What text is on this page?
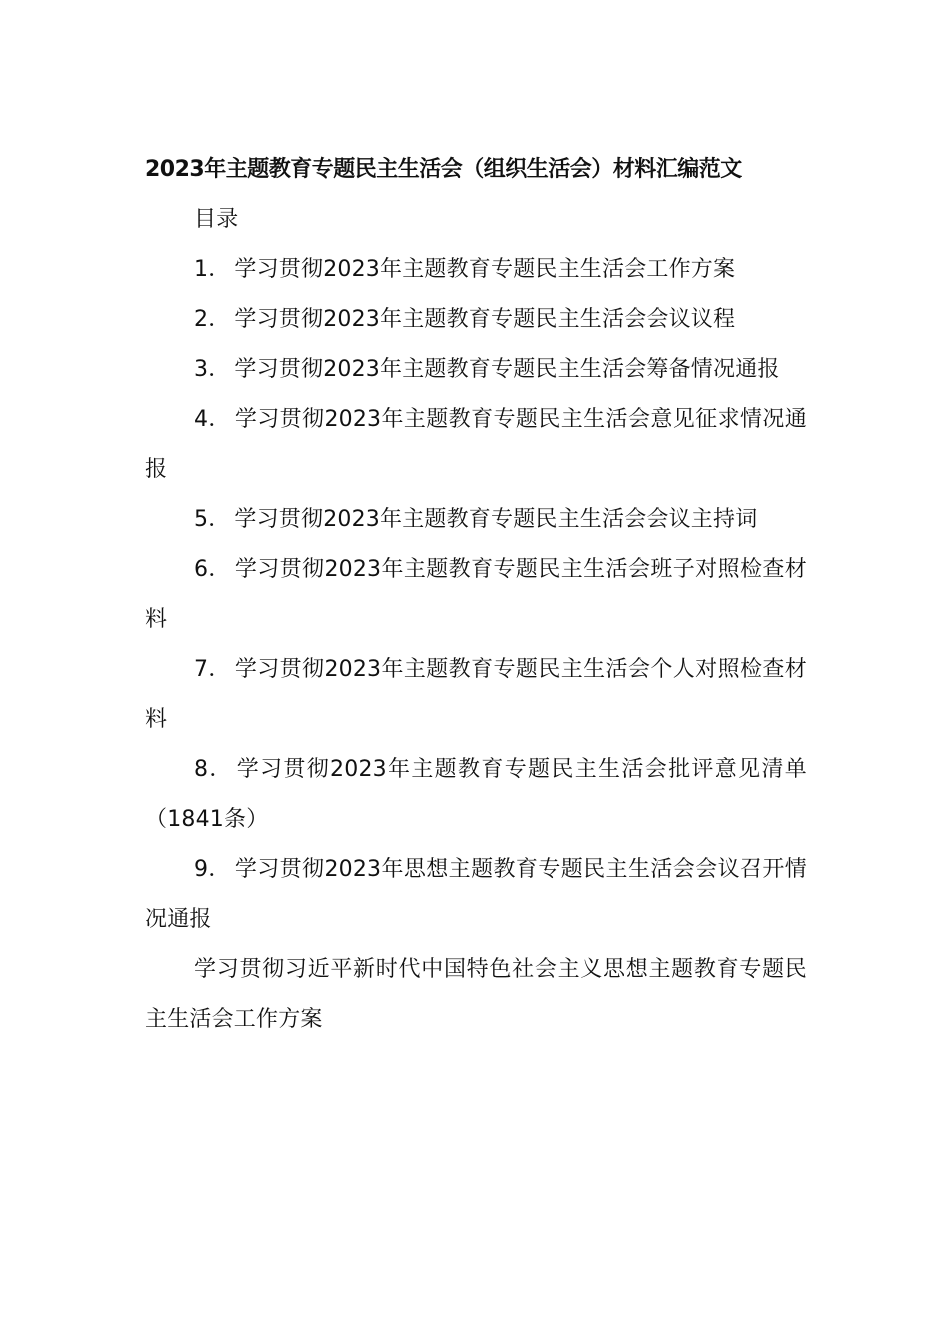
2023年主题教育专题民主生活会（组织生活会）材料汇编范文

目录

1． 学习贯彻2023年主题教育专题民主生活会工作方案

2． 学习贯彻2023年主题教育专题民主生活会会议议程

3． 学习贯彻2023年主题教育专题民主生活会筹备情况通报

4． 学习贯彻2023年主题教育专题民主生活会意见征求情况通报

5． 学习贯彻2023年主题教育专题民主生活会会议主持词

6． 学习贯彻2023年主题教育专题民主生活会班子对照检查材料

7． 学习贯彻2023年主题教育专题民主生活会个人对照检查材料

8． 学习贯彻2023年主题教育专题民主生活会批评意见清单（1841条）

9． 学习贯彻2023年思想主题教育专题民主生活会会议召开情况通报

学习贯彻习近平新时代中国特色社会主义思想主题教育专题民主生活会工作方案
